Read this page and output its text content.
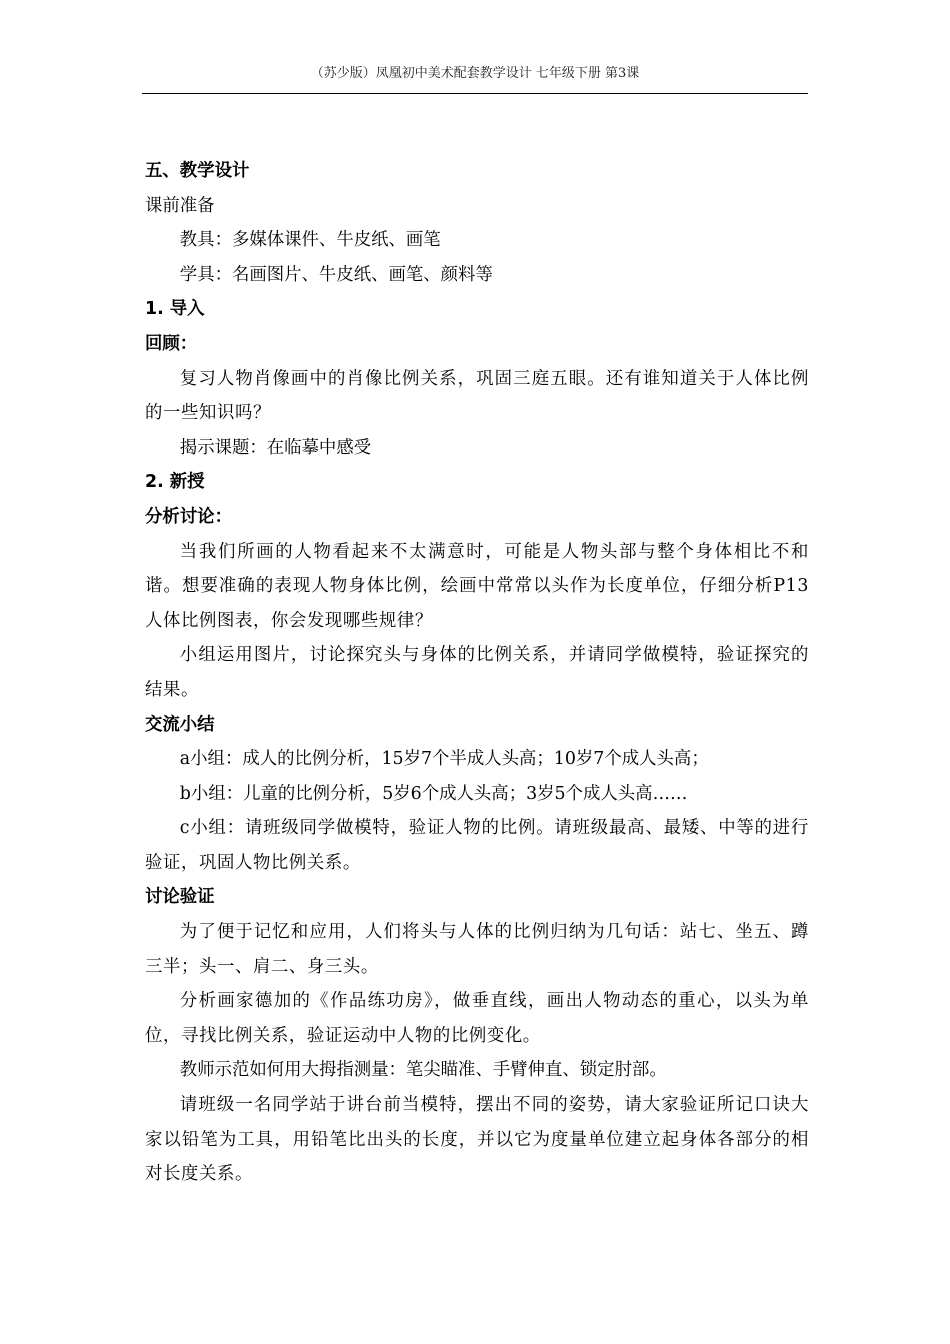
（苏少版）凤凰初中美术配套教学设计 七年级下册 第3课
五、教学设计
课前准备
教具：多媒体课件、牛皮纸、画笔
学具：名画图片、牛皮纸、画笔、颜料等
1. 导入
回顾：
复习人物肖像画中的肖像比例关系，巩固三庭五眼。还有谁知道关于人体比例的一些知识吗？
揭示课题：在临摹中感受
2. 新授
分析讨论：
当我们所画的人物看起来不太满意时，可能是人物头部与整个身体相比不和谐。想要准确的表现人物身体比例，绘画中常常以头作为长度单位，仔细分析P13人体比例图表，你会发现哪些规律？
小组运用图片，讨论探究头与身体的比例关系，并请同学做模特，验证探究的结果。
交流小结
a小组：成人的比例分析，15岁7个半成人头高；10岁7个成人头高；
b小组：儿童的比例分析，5岁6个成人头高；3岁5个成人头高……
c小组：请班级同学做模特，验证人物的比例。请班级最高、最矮、中等的进行验证，巩固人物比例关系。
讨论验证
为了便于记忆和应用，人们将头与人体的比例归纳为几句话：站七、坐五、蹲三半；头一、肩二、身三头。
分析画家德加的《作品练功房》，做垂直线，画出人物动态的重心，以头为单位，寻找比例关系，验证运动中人物的比例变化。
教师示范如何用大拇指测量：笔尖瞄准、手臂伸直、锁定肘部。
请班级一名同学站于讲台前当模特，摆出不同的姿势，请大家验证所记口诀大家以铅笔为工具，用铅笔比出头的长度，并以它为度量单位建立起身体各部分的相对长度关系。
